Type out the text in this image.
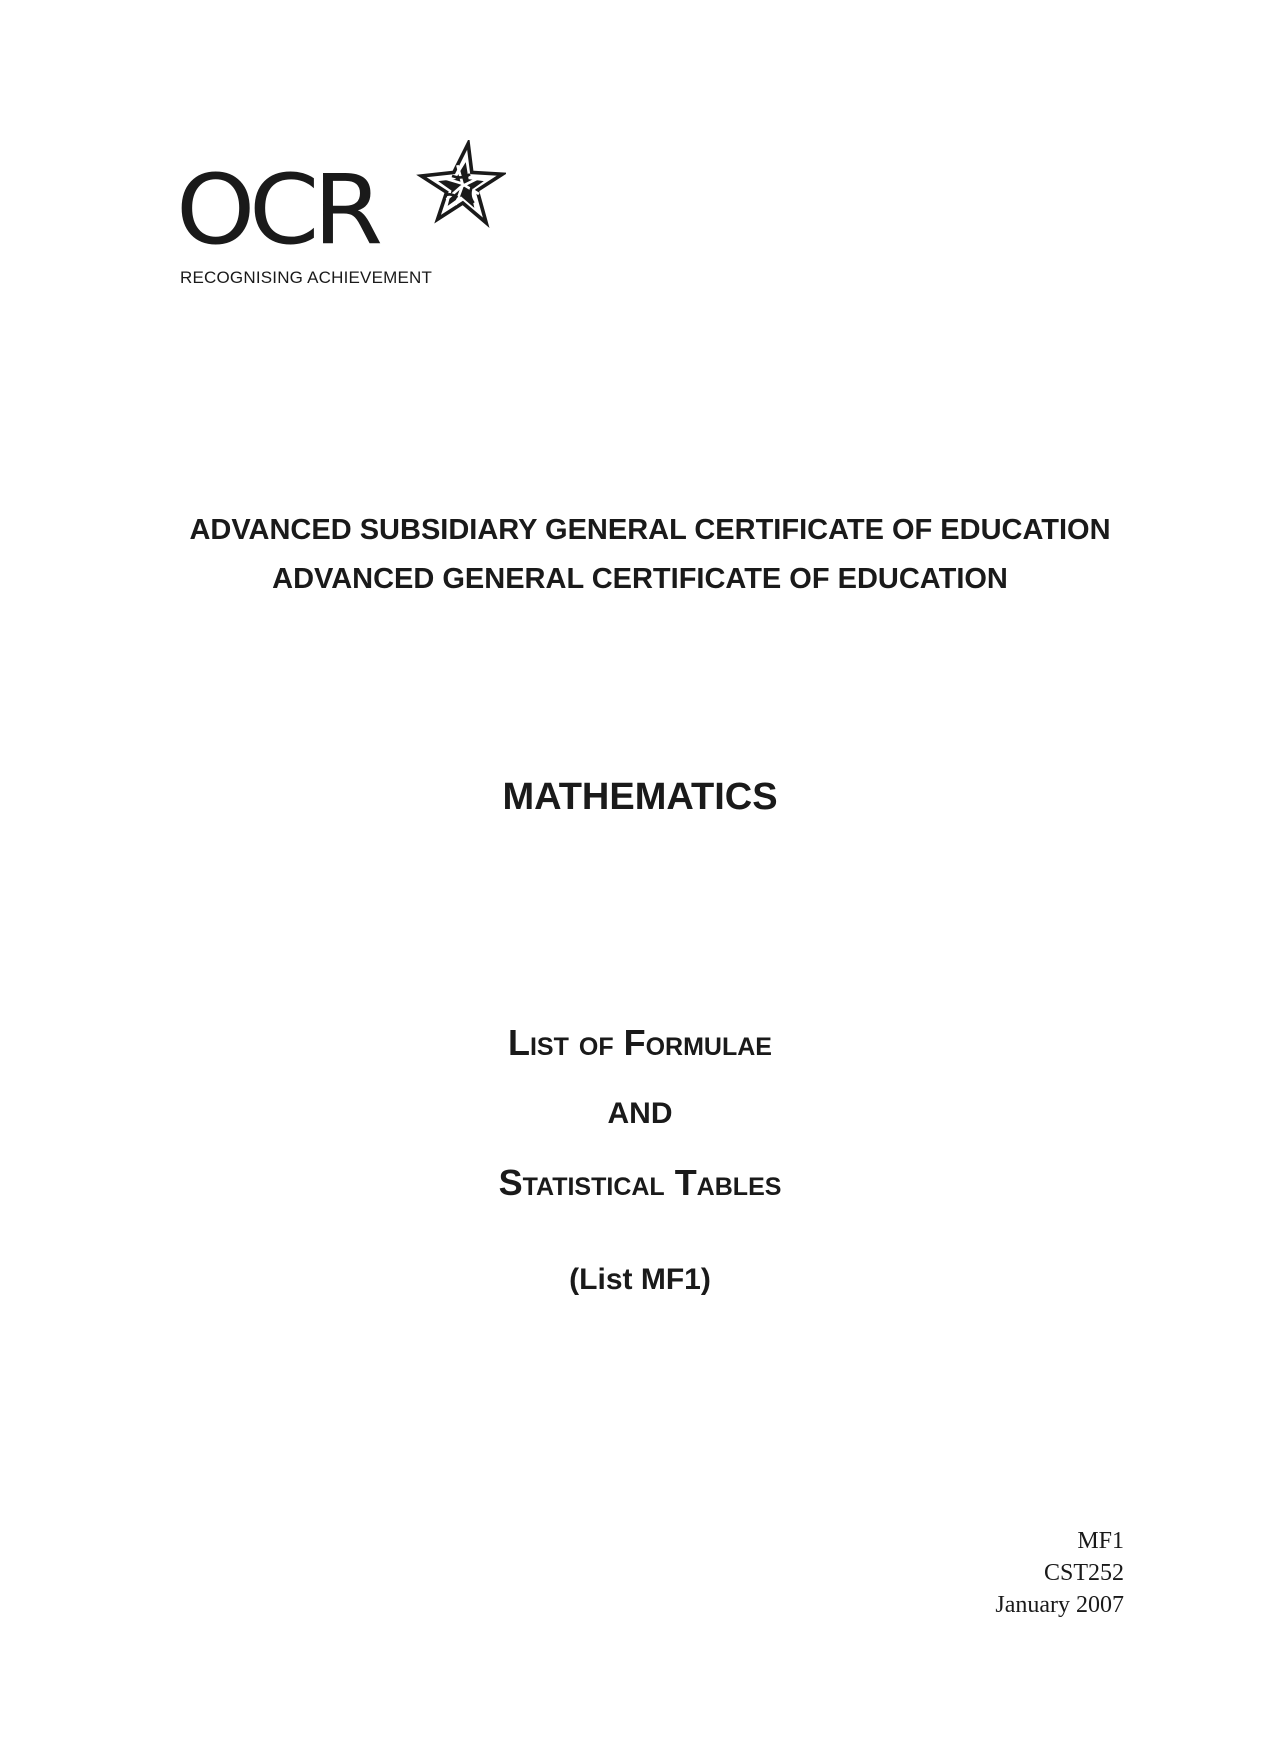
OCR
RECOGNISING ACHIEVEMENT
ADVANCED SUBSIDIARY GENERAL CERTIFICATE OF EDUCATION
ADVANCED GENERAL CERTIFICATE OF EDUCATION
MATHEMATICS
List of Formulae
AND
Statistical Tables
(List MF1)
MF1
CST252
January 2007
